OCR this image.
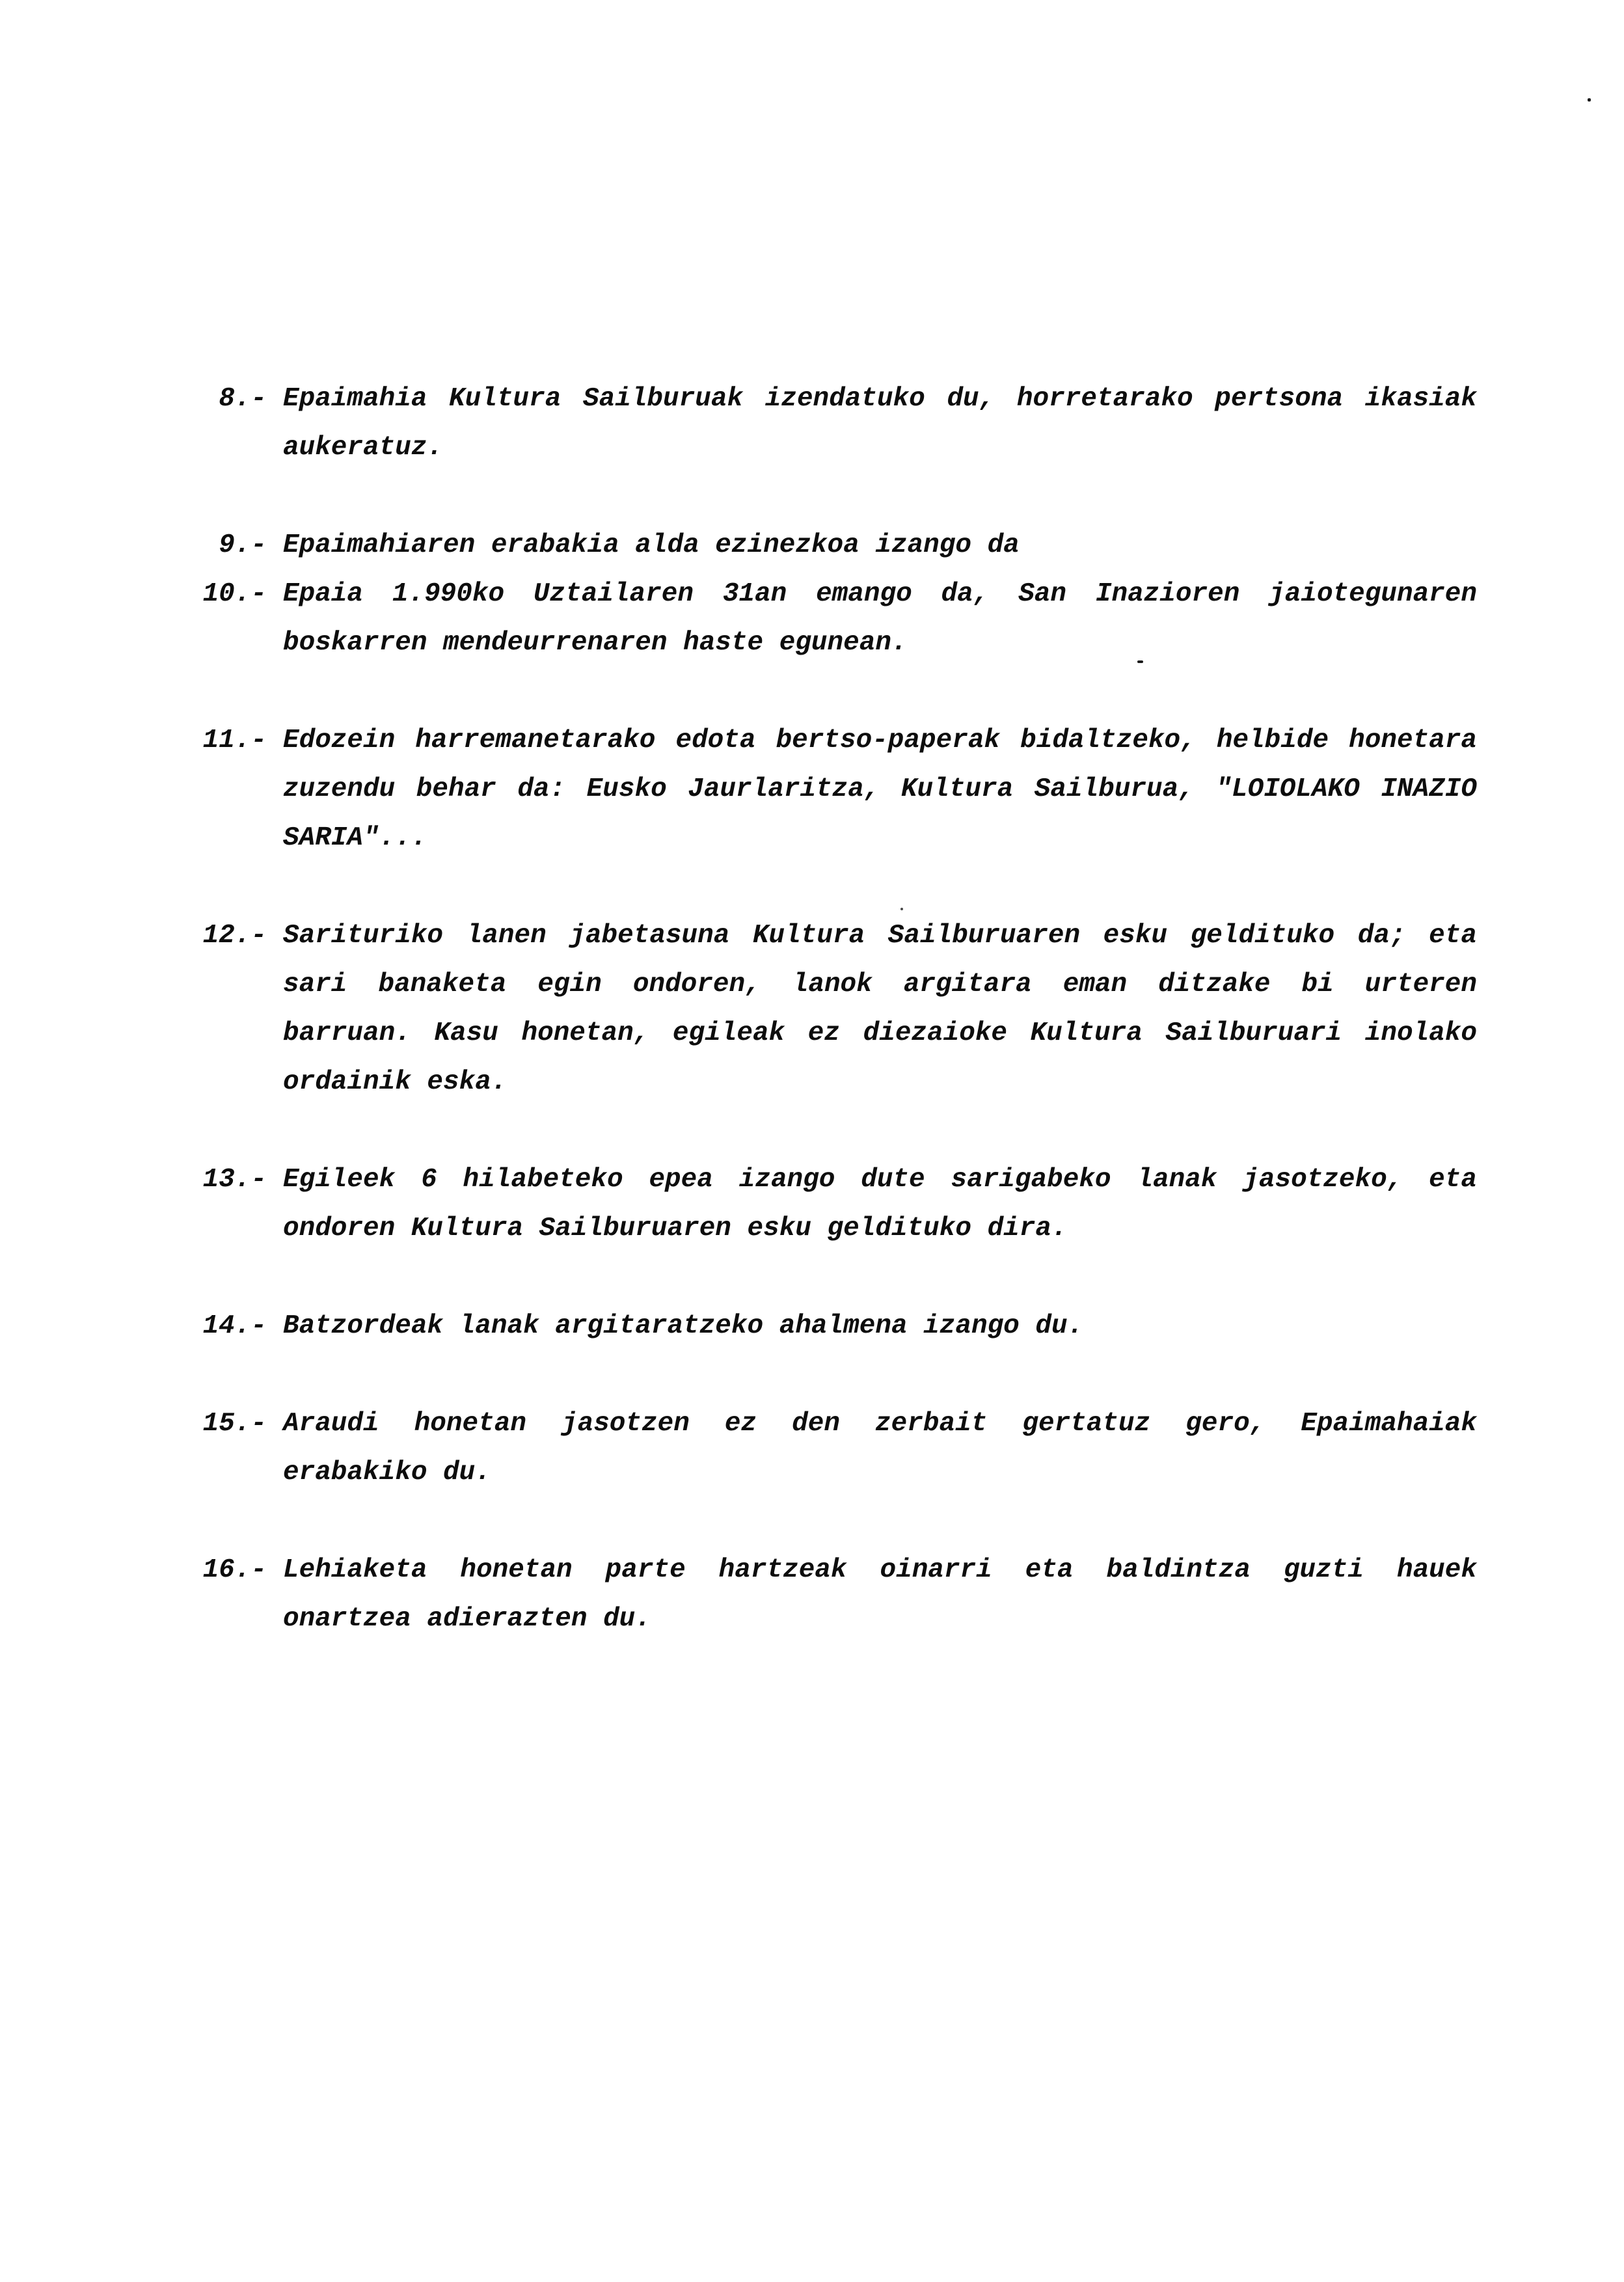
8.- Epaimahia Kultura Sailburuak izendatuko du, horretarako pertsona ikasiak
aukeratuz.
9.- Epaimahiaren erabakia alda ezinezkoa izango da
10.- Epaia 1.990ko Uztailaren 31an emango da, San Inazioren jaiotegunaren
boskarren mendeurrenaren haste egunean.
11.- Edozein harremanetarako edota bertso-paperak bidaltzeko, helbide honetara
zuzendu behar da: Eusko Jaurlaritza, Kultura Sailburua, "LOIOLAKO INAZIO
SARIA"...
12.- Sarituriko lanen jabetasuna Kultura Sailburuaren esku geldituko da; eta
sari banaketa egin ondoren, lanok argitara eman ditzake bi urteren
barruan. Kasu honetan, egileak ez diezaioke Kultura Sailburuari inolako
ordainik eska.
13.- Egileek 6 hilabeteko epea izango dute sarigabeko lanak jasotzeko, eta
ondoren Kultura Sailburuaren esku geldituko dira.
14.- Batzordeak lanak argitaratzeko ahalmena izango du.
15.- Araudi honetan jasotzen ez den zerbait gertatuz gero, Epaimahaiak
erabakiko du.
16.- Lehiaketa honetan parte hartzeak oinarri eta baldintza guzti hauek
onartzea adierazten du.
